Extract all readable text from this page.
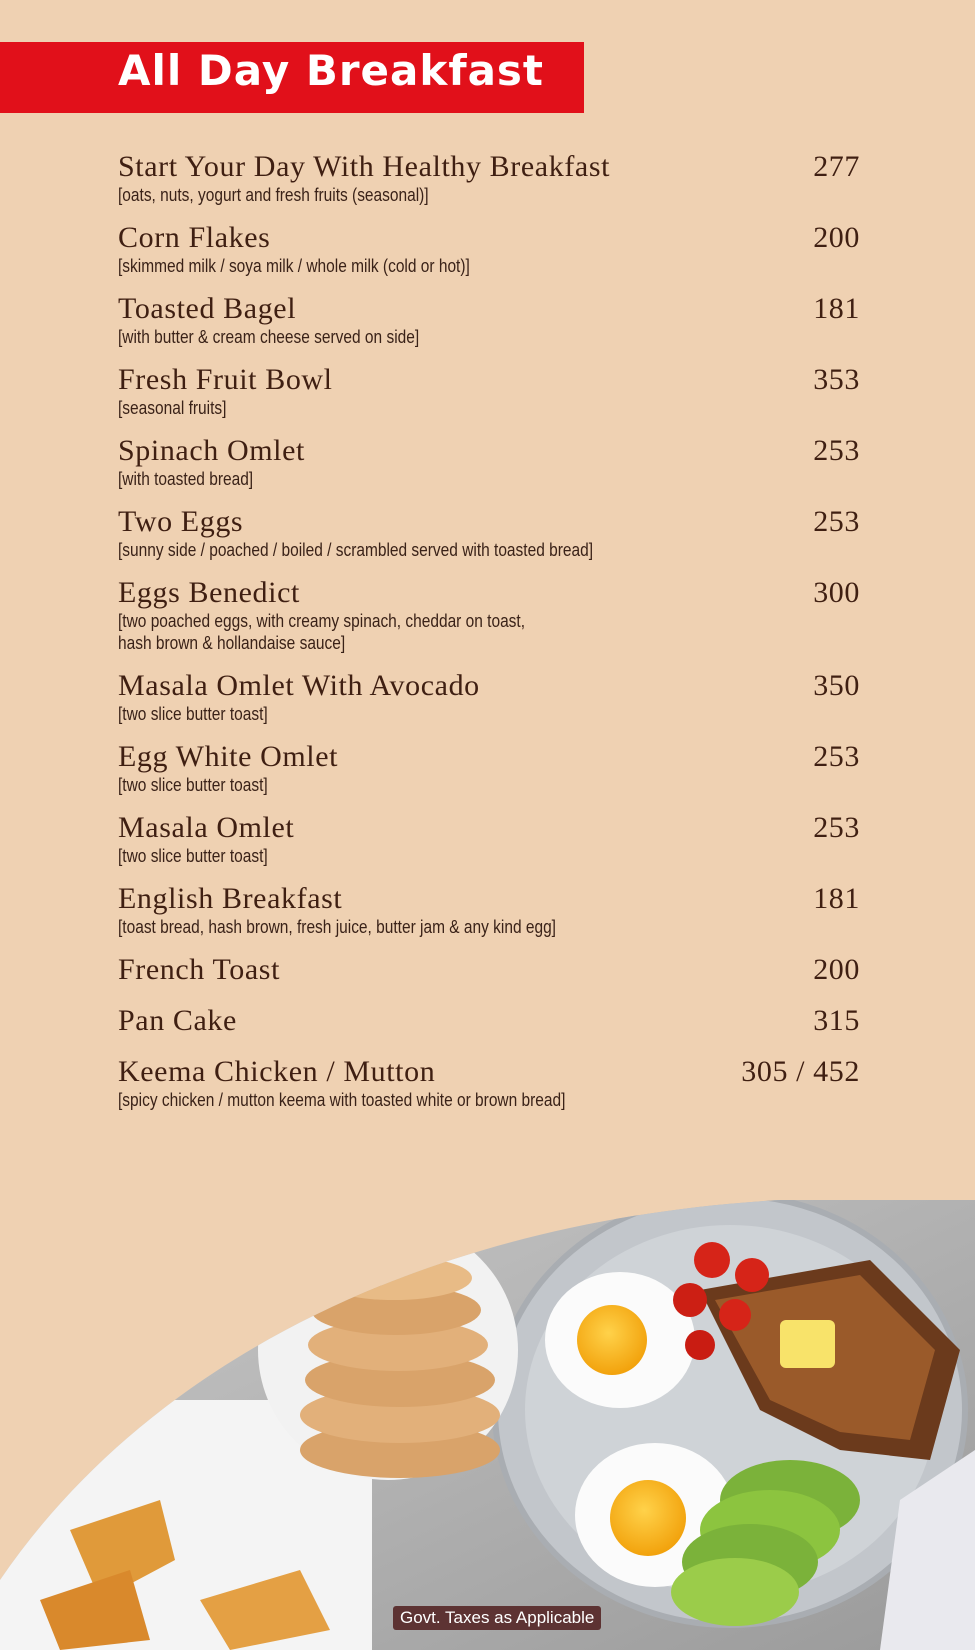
All Day Breakfast
Start Your Day With Healthy Breakfast	277
[oats, nuts, yogurt and fresh fruits (seasonal)]
Corn Flakes	200
[skimmed milk / soya milk / whole milk (cold or hot)]
Toasted Bagel	181
[with butter & cream cheese served on side]
Fresh Fruit Bowl	353
[seasonal fruits]
Spinach Omlet	253
[with toasted bread]
Two Eggs	253
[sunny side / poached / boiled / scrambled served with toasted bread]
Eggs Benedict	300
[two poached eggs, with creamy spinach, cheddar on toast,
hash brown & hollandaise sauce]
Masala Omlet With Avocado	350
[two slice butter toast]
Egg White Omlet	253
[two slice butter toast]
Masala Omlet	253
[two slice butter toast]
English Breakfast	181
[toast bread, hash brown, fresh juice, butter jam & any kind egg]
French Toast	200
Pan Cake	315
Keema Chicken / Mutton	305 / 452
[spicy chicken / mutton keema with toasted white or brown bread]
Govt. Taxes as Applicable
